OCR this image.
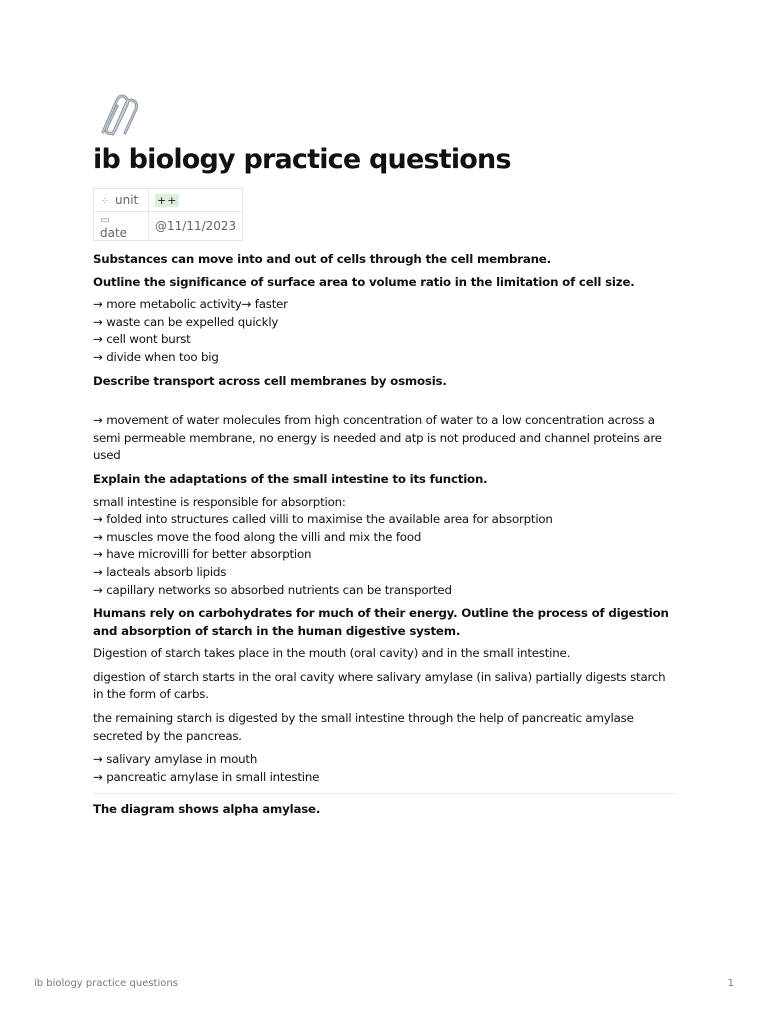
ib biology practice questions
⁘ unit	++
▭date	@11/11/2023
Substances can move into and out of cells through the cell membrane.
Outline the significance of surface area to volume ratio in the limitation of cell size.
→ more metabolic activity→ faster
→ waste can be expelled quickly
→ cell wont burst
→ divide when too big
Describe transport across cell membranes by osmosis.
→ movement of water molecules from high concentration of water to a low concentration across a semi permeable membrane, no energy is needed and atp is not produced and channel proteins are used
Explain the adaptations of the small intestine to its function.
small intestine is responsible for absorption:
→ folded into structures called villi to maximise the available area for absorption
→ muscles move the food along the villi and mix the food
→ have microvilli for better absorption
→ lacteals absorb lipids
→ capillary networks so absorbed nutrients can be transported
Humans rely on carbohydrates for much of their energy. Outline the process of digestion and absorption of starch in the human digestive system.
Digestion of starch takes place in the mouth (oral cavity) and in the small intestine.
digestion of starch starts in the oral cavity where salivary amylase (in saliva) partially digests starch in the form of carbs.
the remaining starch is digested by the small intestine through the help of pancreatic amylase secreted by the pancreas.
→ salivary amylase in mouth
→ pancreatic amylase in small intestine
The diagram shows alpha amylase.
ib biology practice questions	1
